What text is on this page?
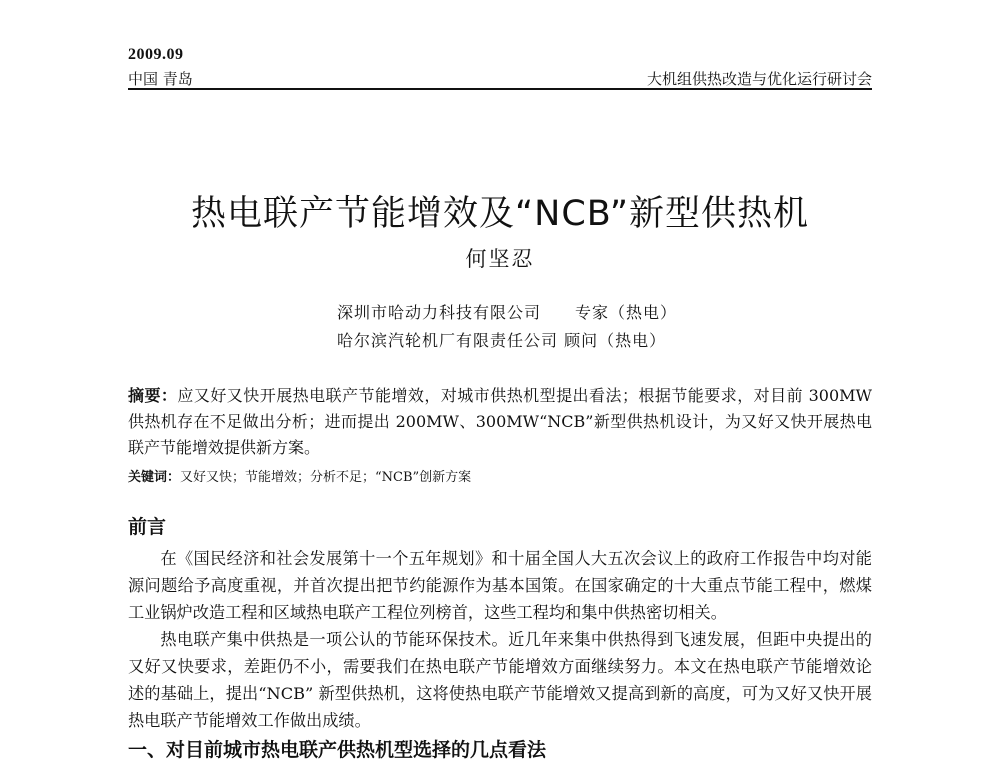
2009.09
中国 青岛	大机组供热改造与优化运行研讨会
热电联产节能增效及“NCB”新型供热机
何坚忍
深圳市哈动力科技有限公司　　专家（热电）
哈尔滨汽轮机厂有限责任公司 顾问（热电）

摘要：应又好又快开展热电联产节能增效，对城市供热机型提出看法；根据节能要求，对目前 300MW 供热机存在不足做出分析；进而提出 200MW、300MW“NCB”新型供热机设计，为又好又快开展热电联产节能增效提供新方案。

关键词：又好又快；节能增效；分析不足；“NCB”创新方案
前言

在《国民经济和社会发展第十一个五年规划》和十届全国人大五次会议上的政府工作报告中均对能源问题给予高度重视，并首次提出把节约能源作为基本国策。在国家确定的十大重点节能工程中，燃煤工业锅炉改造工程和区域热电联产工程位列榜首，这些工程均和集中供热密切相关。

热电联产集中供热是一项公认的节能环保技术。近几年来集中供热得到飞速发展，但距中央提出的又好又快要求，差距仍不小，需要我们在热电联产节能增效方面继续努力。本文在热电联产节能增效论述的基础上，提出“NCB” 新型供热机，这将使热电联产节能增效又提高到新的高度，可为又好又快开展热电联产节能增效工作做出成绩。

一、对目前城市热电联产供热机型选择的几点看法
